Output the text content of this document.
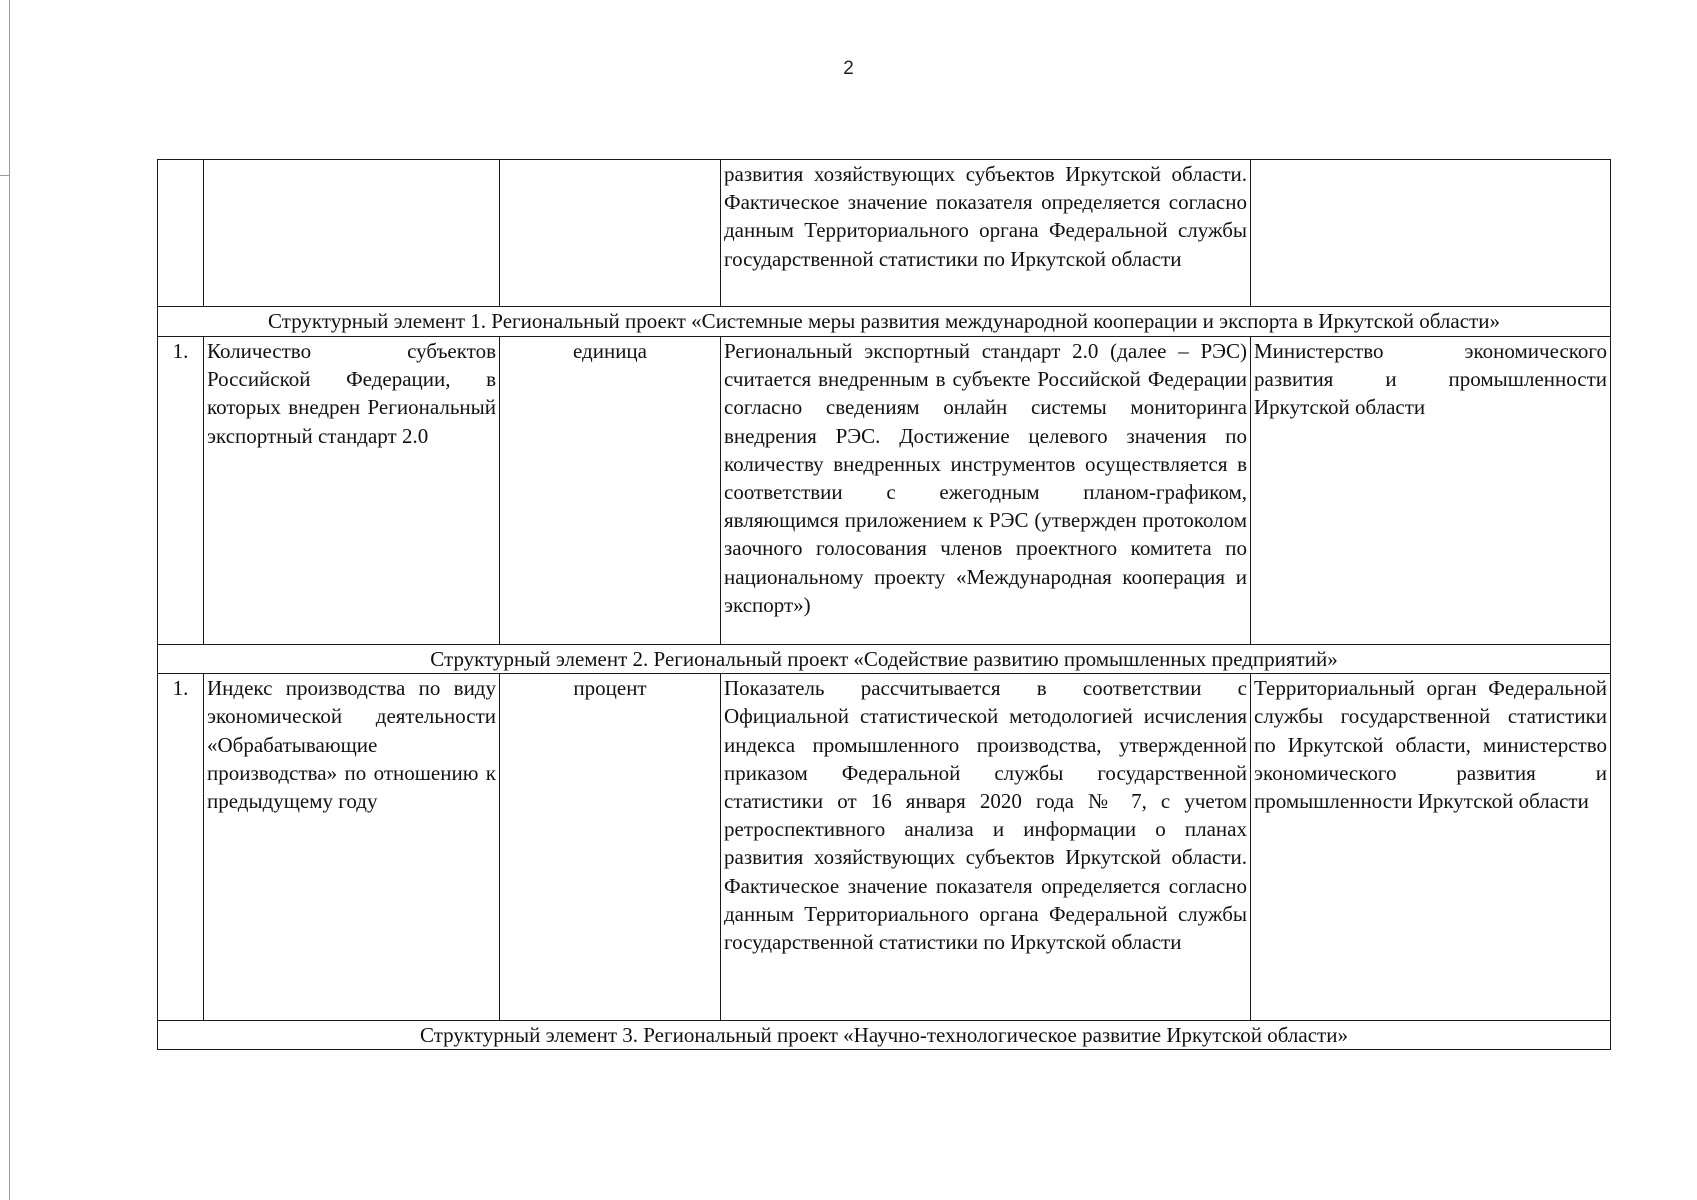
2
			развития хозяйствующих субъектов Иркутской области. Фактическое значение показателя определяется согласно данным Территориального органа Федеральной службы государственной статистики по Иркутской области	
Структурный элемент 1. Региональный проект «Системные меры развития международной кооперации и экспорта в Иркутской области»				
1.	Количество субъектов Российской Федерации, в которых внедрен Региональный экспортный стандарт 2.0	единица	Региональный экспортный стандарт 2.0 (далее – РЭС) считается внедренным в субъекте Российской Федерации согласно сведениям онлайн системы мониторинга внедрения РЭС. Достижение целевого значения по количеству внедренных инструментов осуществляется в соответствии с ежегодным планом-графиком, являющимся приложением к РЭС (утвержден протоколом заочного голосования членов проектного комитета по национальному проекту «Международная кооперация и экспорт»)	Министерство экономического развития и промышленности Иркутской области
Структурный элемент 2. Региональный проект «Содействие развитию промышленных предприятий»				
1.	Индекс производства по виду экономической деятельности «Обрабатывающие производства» по отношению к предыдущему году	процент	Показатель рассчитывается в соответствии с Официальной статистической методологией исчисления индекса промышленного производства, утвержденной приказом Федеральной службы государственной статистики от 16 января 2020 года № 7, с учетом ретроспективного анализа и информации о планах развития хозяйствующих субъектов Иркутской области. Фактическое значение показателя определяется согласно данным Территориального органа Федеральной службы государственной статистики по Иркутской области	Территориальный орган Федеральной службы государственной статистики по Иркутской области, министерство экономического развития и промышленности Иркутской области
Структурный элемент 3. Региональный проект «Научно-технологическое развитие Иркутской области»				
